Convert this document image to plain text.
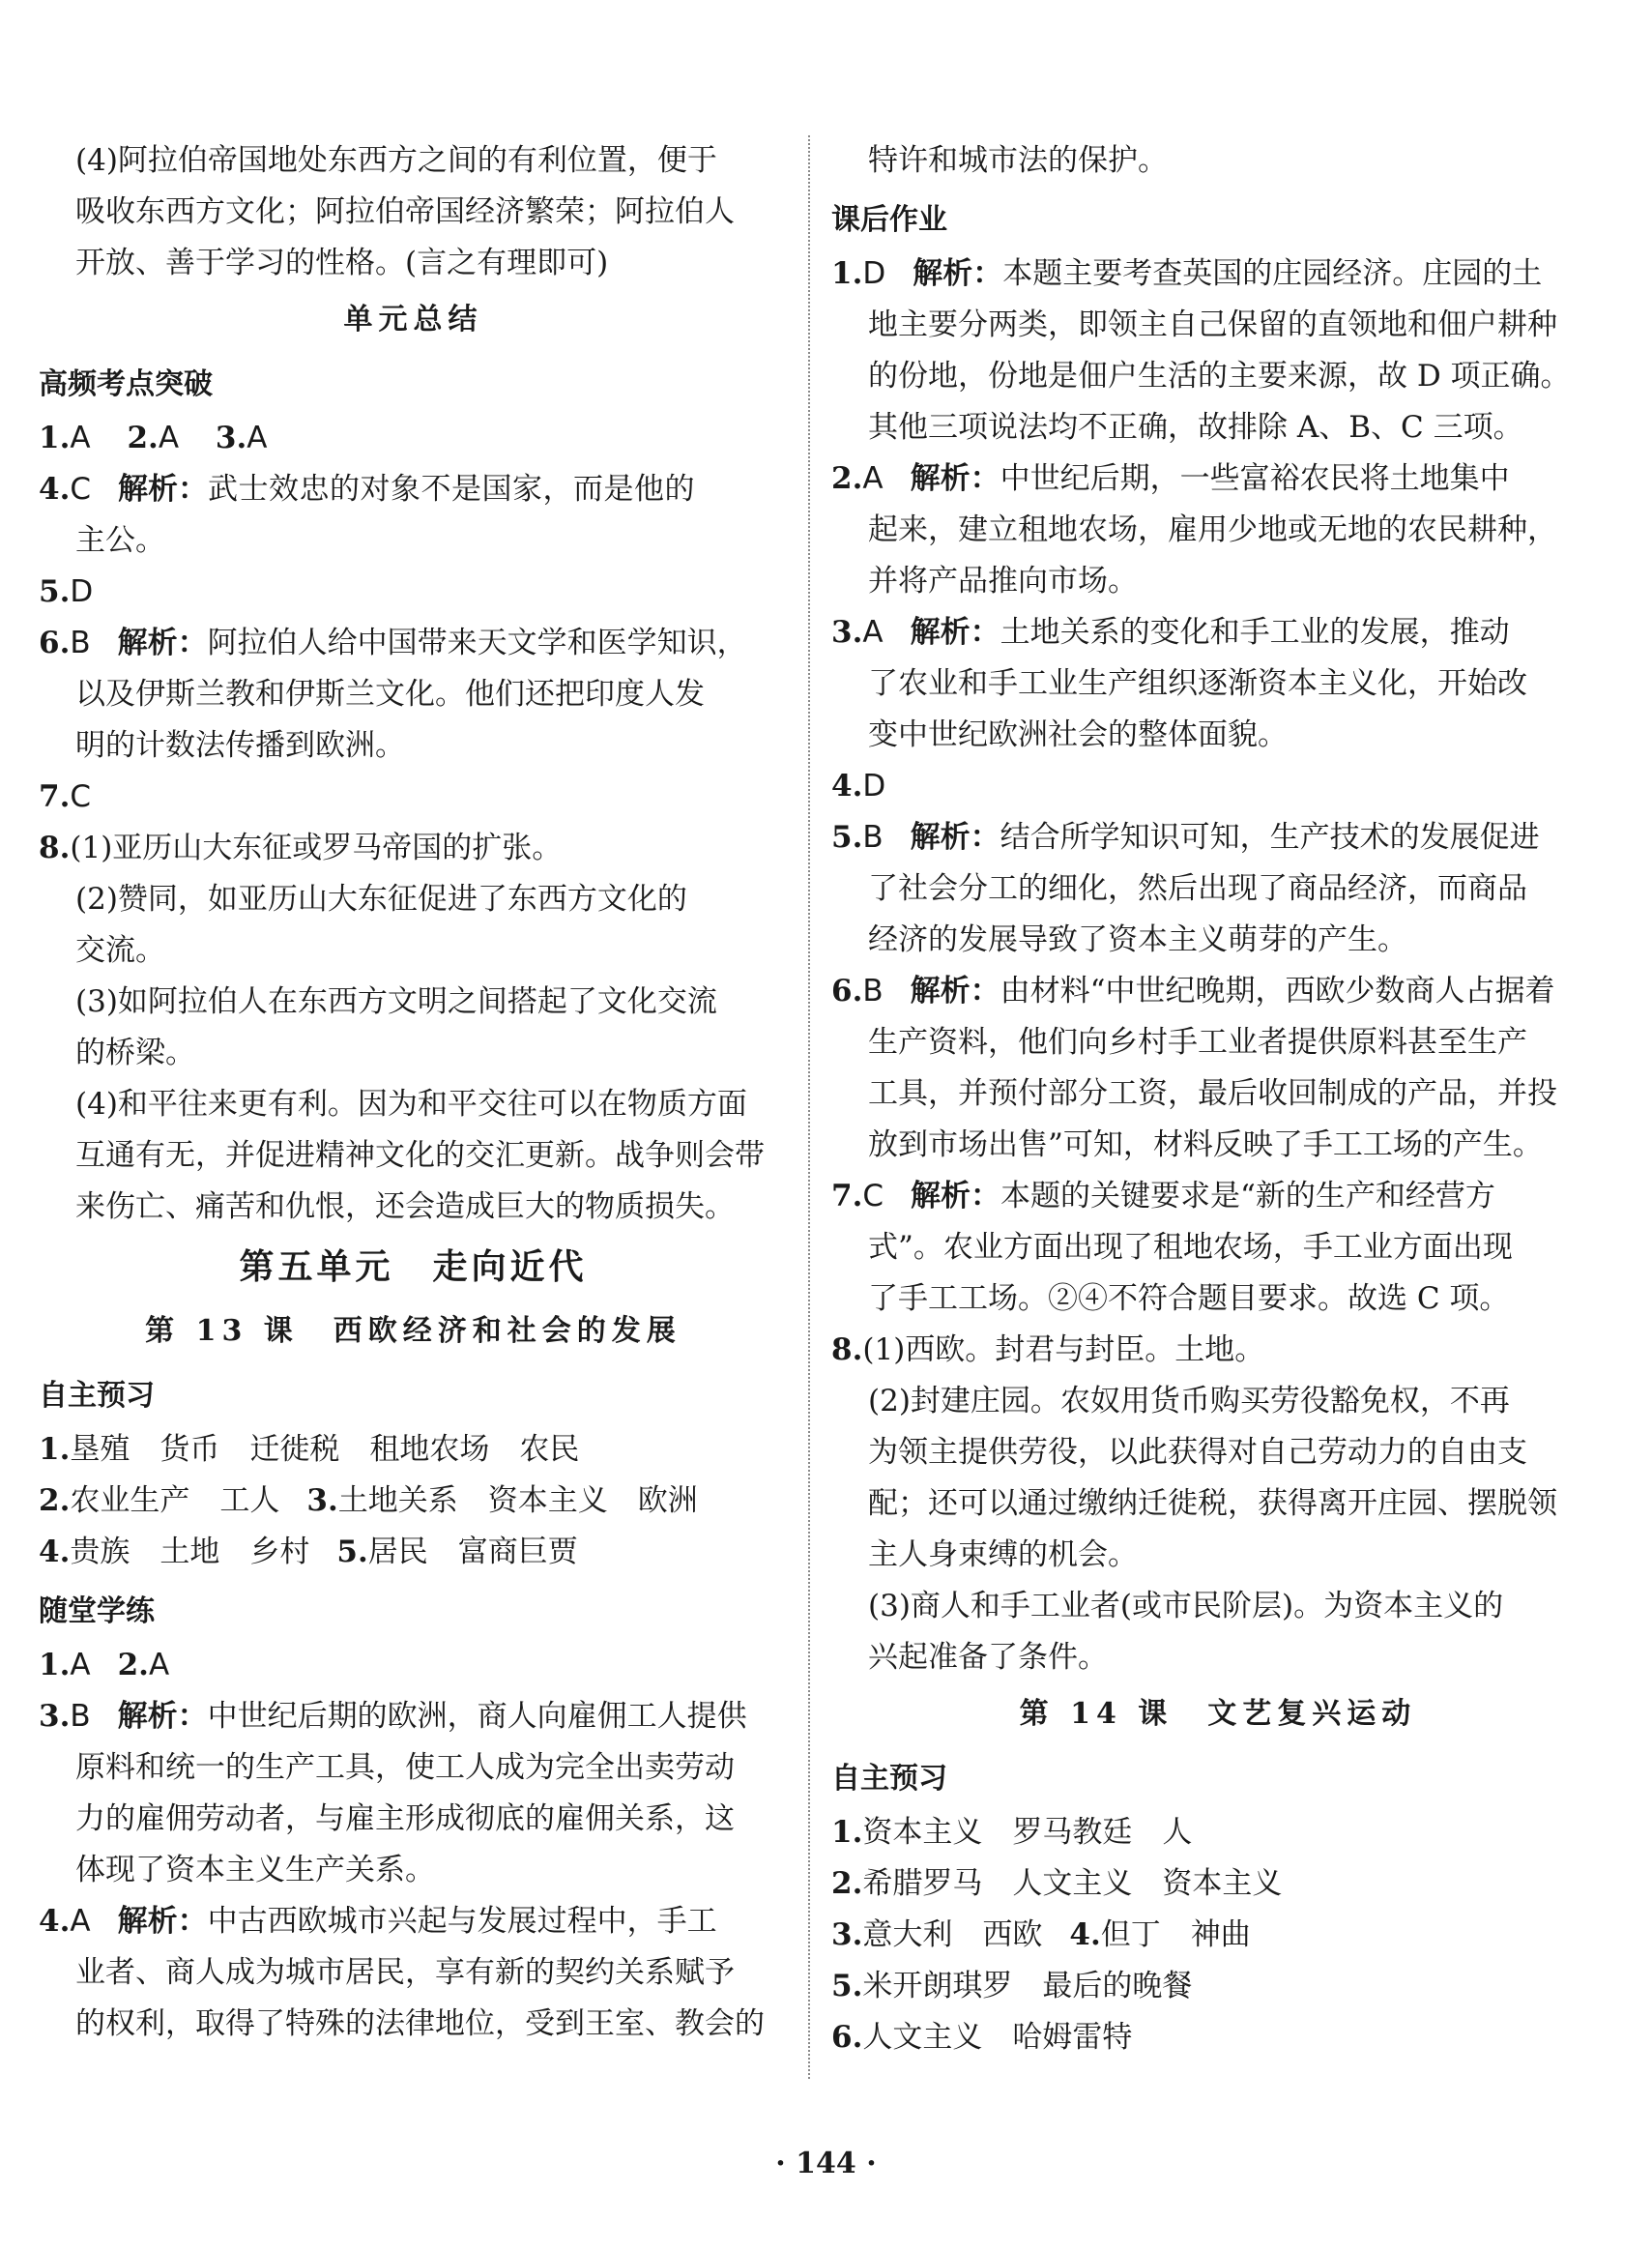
(4)阿拉伯帝国地处东西方之间的有利位置，便于
吸收东西方文化；阿拉伯帝国经济繁荣；阿拉伯人
开放、善于学习的性格。(言之有理即可)
单元总结
高频考点突破
1.A 2.A 3.A
4.C 解析：武士效忠的对象不是国家，而是他的
主公。
5.D
6.B 解析：阿拉伯人给中国带来天文学和医学知识，
以及伊斯兰教和伊斯兰文化。他们还把印度人发
明的计数法传播到欧洲。
7.C
8.(1)亚历山大东征或罗马帝国的扩张。
(2)赞同，如亚历山大东征促进了东西方文化的
交流。
(3)如阿拉伯人在东西方文明之间搭起了文化交流
的桥梁。
(4)和平往来更有利。因为和平交往可以在物质方面
互通有无，并促进精神文化的交汇更新。战争则会带
来伤亡、痛苦和仇恨，还会造成巨大的物质损失。
第五单元　走向近代
第 13 课　西欧经济和社会的发展
自主预习
1.垦殖　货币　迁徙税　租地农场　农民
2.农业生产　工人 3.土地关系　资本主义　欧洲
4.贵族　土地　乡村 5.居民　富商巨贾
随堂学练
1.A 2.A
3.B 解析：中世纪后期的欧洲，商人向雇佣工人提供
原料和统一的生产工具，使工人成为完全出卖劳动
力的雇佣劳动者，与雇主形成彻底的雇佣关系，这
体现了资本主义生产关系。
4.A 解析：中古西欧城市兴起与发展过程中，手工
业者、商人成为城市居民，享有新的契约关系赋予
的权利，取得了特殊的法律地位，受到王室、教会的
特许和城市法的保护。
课后作业
1.D 解析：本题主要考查英国的庄园经济。庄园的土
地主要分两类，即领主自己保留的直领地和佃户耕种
的份地，份地是佃户生活的主要来源，故 D 项正确。
其他三项说法均不正确，故排除 A、B、C 三项。
2.A 解析：中世纪后期，一些富裕农民将土地集中
起来，建立租地农场，雇用少地或无地的农民耕种，
并将产品推向市场。
3.A 解析：土地关系的变化和手工业的发展，推动
了农业和手工业生产组织逐渐资本主义化，开始改
变中世纪欧洲社会的整体面貌。
4.D
5.B 解析：结合所学知识可知，生产技术的发展促进
了社会分工的细化，然后出现了商品经济，而商品
经济的发展导致了资本主义萌芽的产生。
6.B 解析：由材料“中世纪晚期，西欧少数商人占据着
生产资料，他们向乡村手工业者提供原料甚至生产
工具，并预付部分工资，最后收回制成的产品，并投
放到市场出售”可知，材料反映了手工工场的产生。
7.C 解析：本题的关键要求是“新的生产和经营方
式”。农业方面出现了租地农场，手工业方面出现
了手工工场。②④不符合题目要求。故选 C 项。
8.(1)西欧。封君与封臣。土地。
(2)封建庄园。农奴用货币购买劳役豁免权，不再
为领主提供劳役，以此获得对自己劳动力的自由支
配；还可以通过缴纳迁徙税，获得离开庄园、摆脱领
主人身束缚的机会。
(3)商人和手工业者(或市民阶层)。为资本主义的
兴起准备了条件。
第 14 课　文艺复兴运动
自主预习
1.资本主义　罗马教廷　人
2.希腊罗马　人文主义　资本主义
3.意大利　西欧 4.但丁　神曲
5.米开朗琪罗　最后的晚餐
6.人文主义　哈姆雷特
· 144 ·
